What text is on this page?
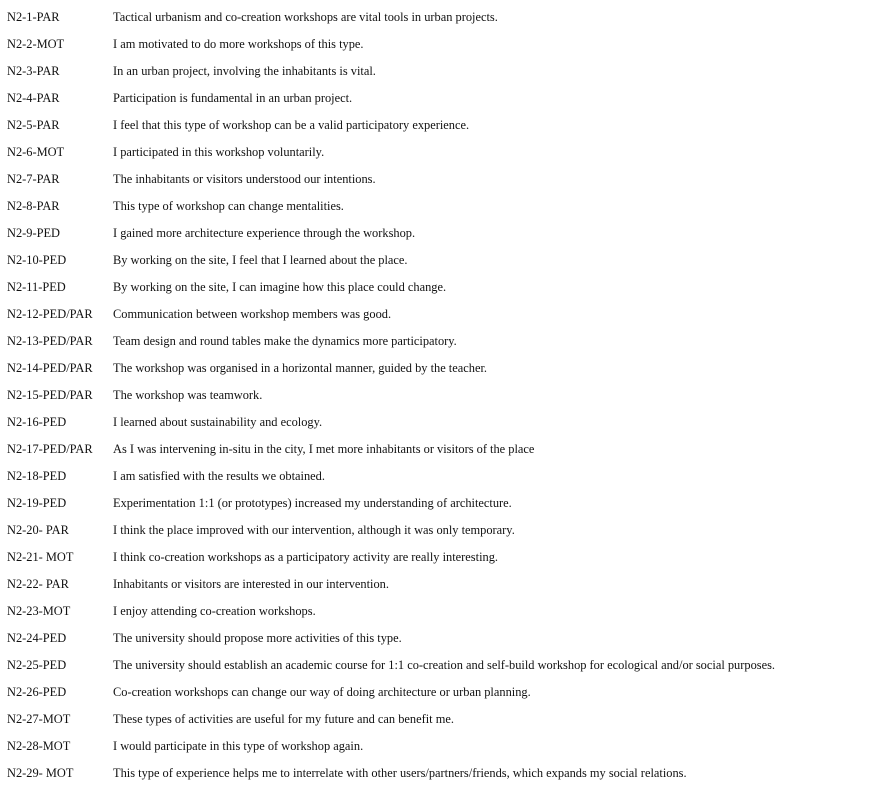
N2-1-PAR	Tactical urbanism and co-creation workshops are vital tools in urban projects.
N2-2-MOT	I am motivated to do more workshops of this type.
N2-3-PAR	In an urban project, involving the inhabitants is vital.
N2-4-PAR	Participation is fundamental in an urban project.
N2-5-PAR	I feel that this type of workshop can be a valid participatory experience.
N2-6-MOT	I participated in this workshop voluntarily.
N2-7-PAR	The inhabitants or visitors understood our intentions.
N2-8-PAR	This type of workshop can change mentalities.
N2-9-PED	I gained more architecture experience through the workshop.
N2-10-PED	By working on the site, I feel that I learned about the place.
N2-11-PED	By working on the site, I can imagine how this place could change.
N2-12-PED/PAR	Communication between workshop members was good.
N2-13-PED/PAR	Team design and round tables make the dynamics more participatory.
N2-14-PED/PAR	The workshop was organised in a horizontal manner, guided by the teacher.
N2-15-PED/PAR	The workshop was teamwork.
N2-16-PED	I learned about sustainability and ecology.
N2-17-PED/PAR	As I was intervening in-situ in the city, I met more inhabitants or visitors of the place
N2-18-PED	I am satisfied with the results we obtained.
N2-19-PED	Experimentation 1:1 (or prototypes) increased my understanding of architecture.
N2-20- PAR	I think the place improved with our intervention, although it was only temporary.
N2-21- MOT	I think co-creation workshops as a participatory activity are really interesting.
N2-22- PAR	Inhabitants or visitors are interested in our intervention.
N2-23-MOT	I enjoy attending co-creation workshops.
N2-24-PED	The university should propose more activities of this type.
N2-25-PED	The university should establish an academic course for 1:1 co-creation and self-build workshop for ecological and/or social purposes.
N2-26-PED	Co-creation workshops can change our way of doing architecture or urban planning.
N2-27-MOT	These types of activities are useful for my future and can benefit me.
N2-28-MOT	I would participate in this type of workshop again.
N2-29- MOT	This type of experience helps me to interrelate with other users/partners/friends, which expands my social relations.
